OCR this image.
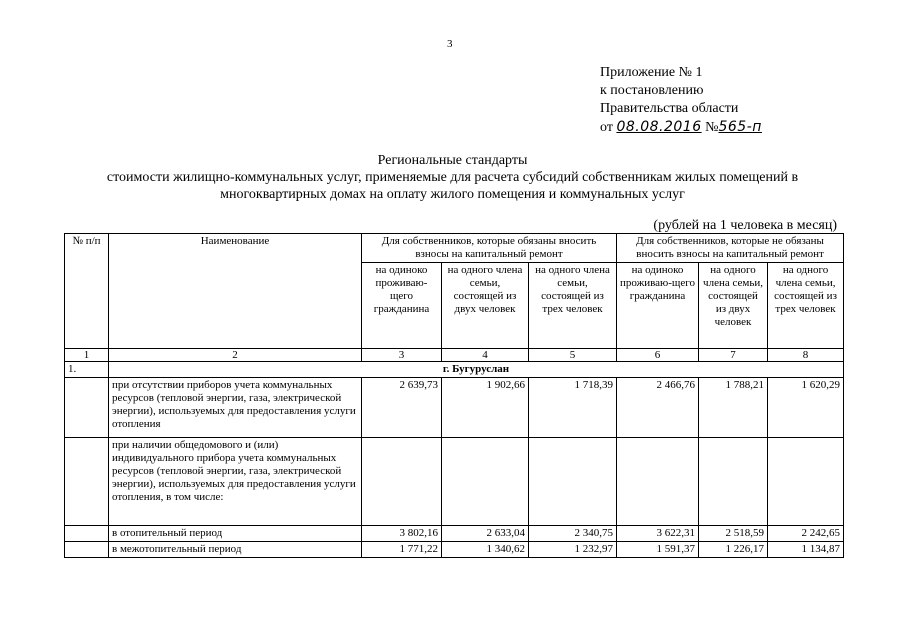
3
Приложение № 1
к постановлению
Правительства области
от 08.08.2016 №565-п
Региональные стандарты
стоимости жилищно-коммунальных услуг, применяемые для расчета субсидий собственникам жилых помещений в
многоквартирных домах на оплату жилого помещения и коммунальных услуг
(рублей на 1 человека в месяц)
№ п/п	Наименование	Для собственников, которые обязаны вносить взносы на капитальный ремонт			Для собственников, которые не обязаны вносить взносы на капитальный ремонт		
		на одиноко проживаю-щего гражданина	на одного члена семьи, состоящей из двух человек	на одного члена семьи, состоящей из трех человек	на одиноко проживаю-щего гражданина	на одного члена семьи, состоящей из двух человек	на одного члена семьи, состоящей из трех человек
1	2	3	4	5	6	7	8
1.	г. Бугуруслан						
	при отсутствии приборов учета коммунальных ресурсов (тепловой энергии, газа, электрической энергии), используемых для предоставления услуги отопления	2 639,73	1 902,66	1 718,39	2 466,76	1 788,21	1 620,29
	при наличии общедомового и (или) индивидуального прибора учета коммунальных ресурсов (тепловой энергии, газа, электрической энергии), используемых для предоставления услуги отопления, в том числе:						
	в отопительный период	3 802,16	2 633,04	2 340,75	3 622,31	2 518,59	2 242,65
	в межотопительный период	1 771,22	1 340,62	1 232,97	1 591,37	1 226,17	1 134,87
